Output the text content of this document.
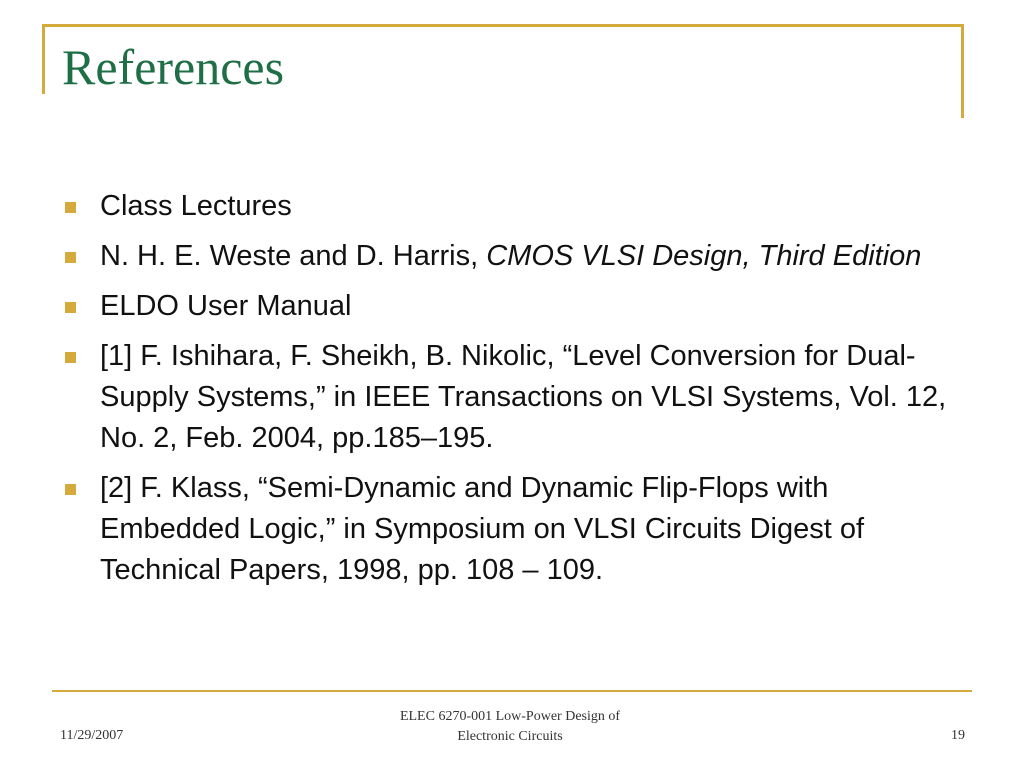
References
Class Lectures
N. H. E. Weste and D. Harris, CMOS VLSI Design, Third Edition
ELDO User Manual
[1] F. Ishihara, F. Sheikh, B. Nikolic, “Level Conversion for Dual-Supply Systems,” in IEEE Transactions on VLSI Systems, Vol. 12, No. 2, Feb. 2004, pp.185–195.
[2] F. Klass, “Semi-Dynamic and Dynamic Flip-Flops with Embedded Logic,” in Symposium on VLSI Circuits Digest of Technical Papers, 1998, pp. 108 – 109.
11/29/2007
ELEC 6270-001 Low-Power Design of
Electronic Circuits	19
